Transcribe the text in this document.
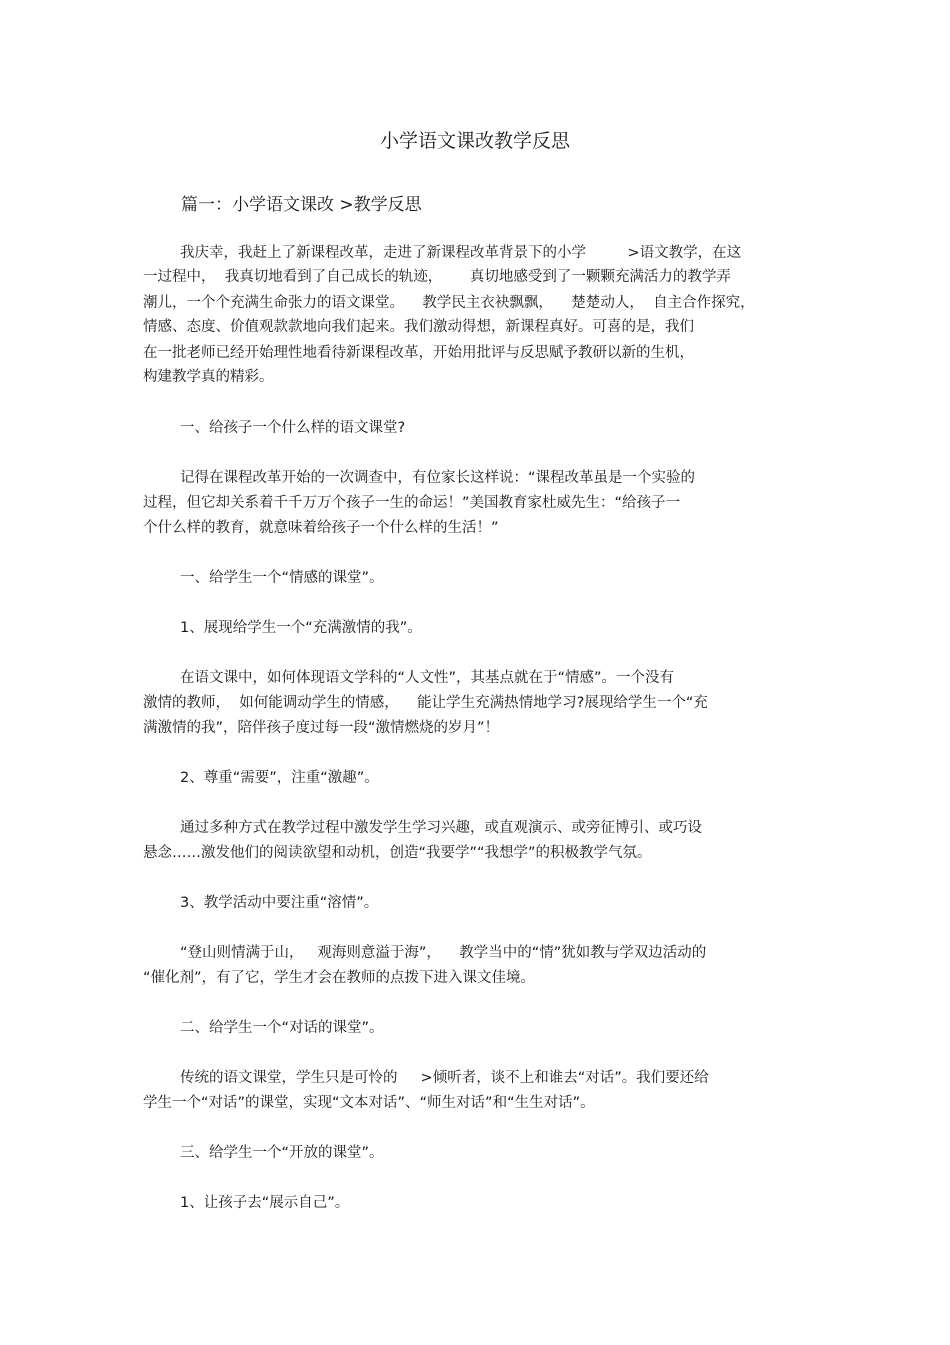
小学语文课改教学反思
篇一：小学语文课改 >教学反思
我庆幸，我赶上了新课程改革，走进了新课程改革背景下的小学         >语文教学，在这
一过程中，  我真切地看到了自己成长的轨迹，      真切地感受到了一颗颗充满活力的教学弄
潮儿，一个个充满生命张力的语文课堂。    教学民主衣袂飘飘，    楚楚动人，  自主合作探究，
情感、态度、价值观款款地向我们起来。我们激动得想，新课程真好。可喜的是，我们
在一批老师已经开始理性地看待新课程改革，开始用批评与反思赋予教研以新的生机，
构建教学真的精彩。
一、给孩子一个什么样的语文课堂?
记得在课程改革开始的一次调查中，有位家长这样说：“课程改革虽是一个实验的
过程，但它却关系着千千万万个孩子一生的命运！”美国教育家杜威先生：“给孩子一
个什么样的教育，就意味着给孩子一个什么样的生活！”
一、给学生一个“情感的课堂”。
1、展现给学生一个“充满激情的我”。
在语文课中，如何体现语文学科的“人文性”，其基点就在于“情感”。一个没有
激情的教师，  如何能调动学生的情感，    能让学生充满热情地学习?展现给学生一个“充
满激情的我”，陪伴孩子度过每一段“激情燃烧的岁月”！
2、尊重“需要”，注重“激趣”。
通过多种方式在教学过程中激发学生学习兴趣，或直观演示、或旁征博引、或巧设
悬念……激发他们的阅读欲望和动机，创造“我要学”“我想学”的积极教学气氛。
3、教学活动中要注重“溶情”。
“登山则情满于山，   观海则意溢于海”，    教学当中的“情”犹如教与学双边活动的
“催化剂”，有了它，学生才会在教师的点拨下进入课文佳境。
二、给学生一个“对话的课堂”。
传统的语文课堂，学生只是可怜的     >倾听者，谈不上和谁去“对话”。我们要还给
学生一个“对话”的课堂，实现“文本对话”、“师生对话”和“生生对话”。
三、给学生一个“开放的课堂”。
1、让孩子去“展示自己”。
